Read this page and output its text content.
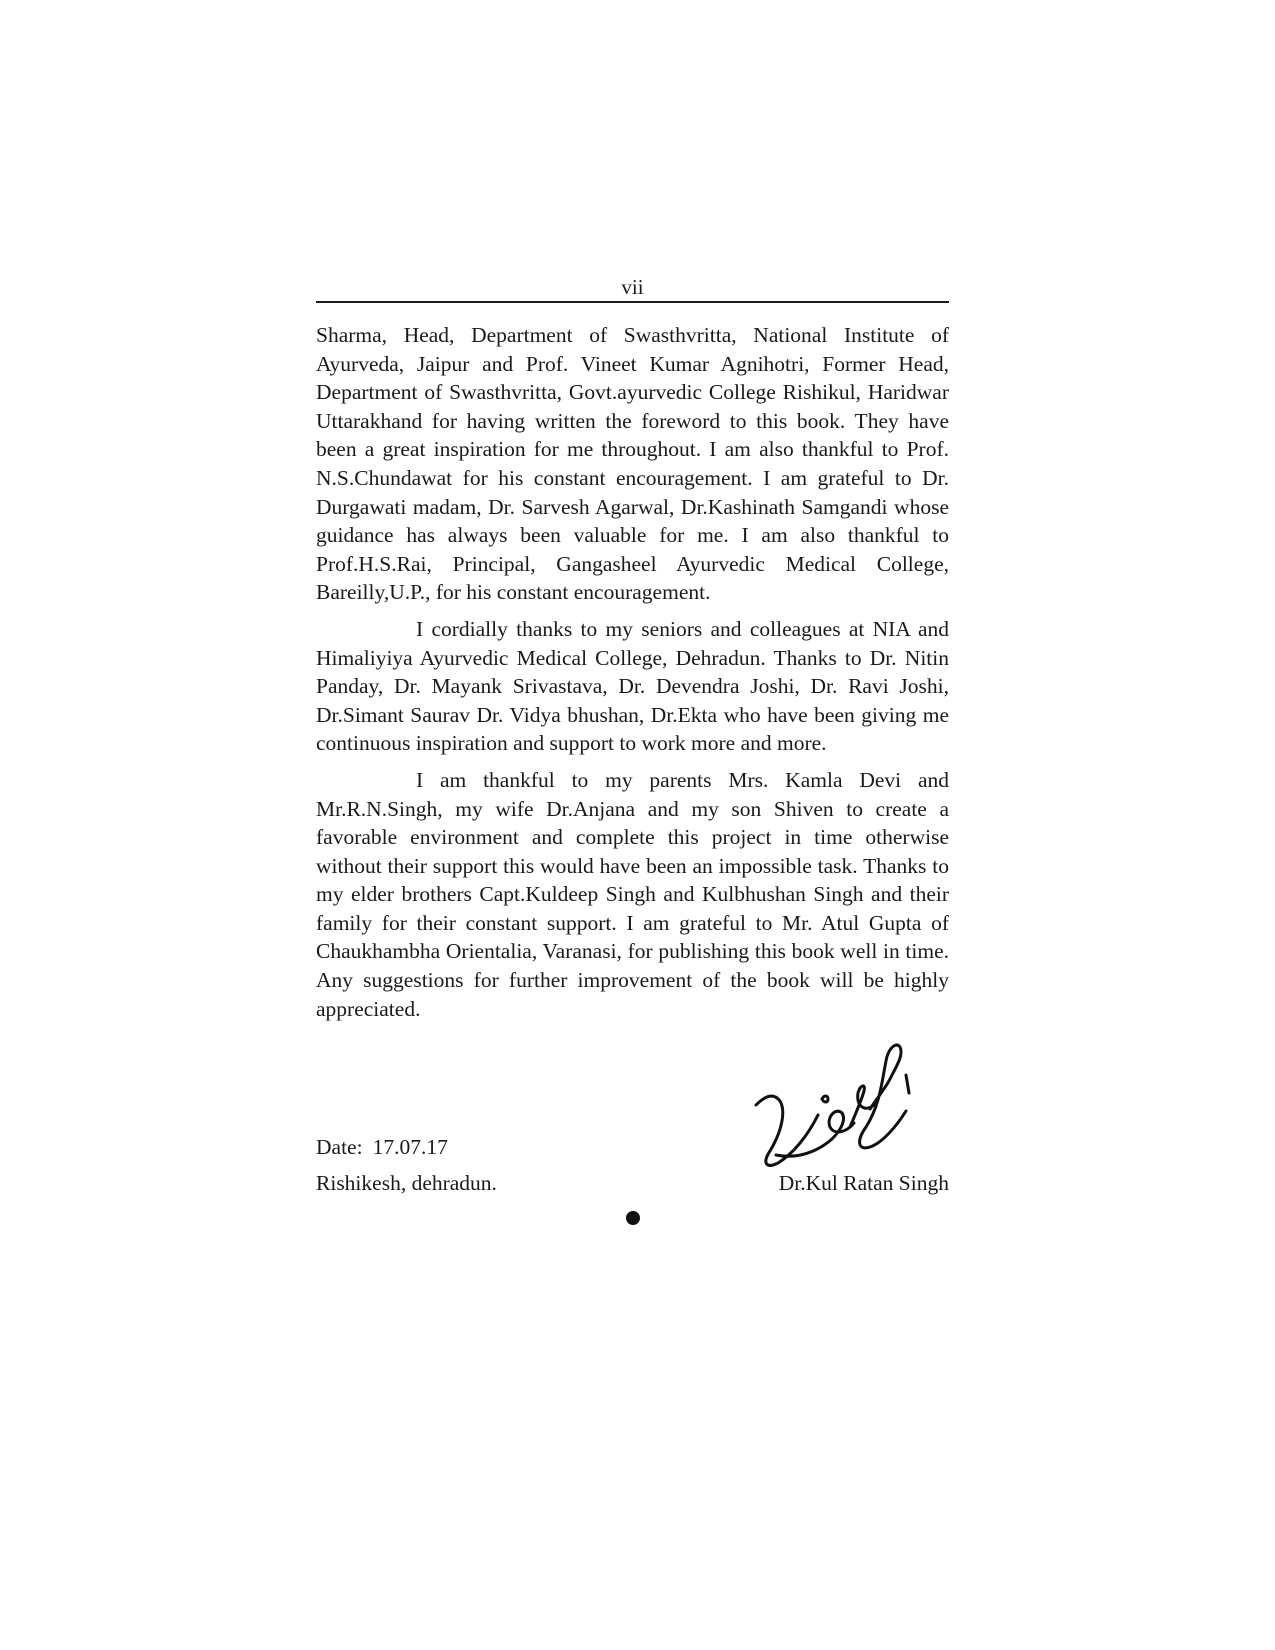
vii

Sharma, Head, Department of Swasthvritta, National Institute of Ayurveda, Jaipur and Prof. Vineet Kumar Agnihotri, Former Head, Department of Swasthvritta, Govt.ayurvedic College Rishikul, Haridwar Uttarakhand for having written the foreword to this book. They have been a great inspiration for me throughout. I am also thankful to Prof. N.S.Chundawat for his constant encouragement. I am grateful to Dr. Durgawati madam, Dr. Sarvesh Agarwal, Dr.Kashinath Samgandi whose guidance has always been valuable for me. I am also thankful to Prof.H.S.Rai, Principal, Gangasheel Ayurvedic Medical College, Bareilly,U.P., for his constant encouragement.

I cordially thanks to my seniors and colleagues at NIA and Himaliyiya Ayurvedic Medical College, Dehradun. Thanks to Dr. Nitin Panday, Dr. Mayank Srivastava, Dr. Devendra Joshi, Dr. Ravi Joshi, Dr.Simant Saurav Dr. Vidya bhushan, Dr.Ekta who have been giving me continuous inspiration and support to work more and more.

I am thankful to my parents Mrs. Kamla Devi and Mr.R.N.Singh, my wife Dr.Anjana and my son Shiven to create a favorable environment and complete this project in time otherwise without their support this would have been an impossible task. Thanks to my elder brothers Capt.Kuldeep Singh and Kulbhushan Singh and their family for their constant support. I am grateful to Mr. Atul Gupta of Chaukhambha Orientalia, Varanasi, for publishing this book well in time. Any suggestions for further improvement of the book will be highly appreciated.

Date: 17.07.17

Rishikesh, dehradun.	Dr.Kul Ratan Singh
